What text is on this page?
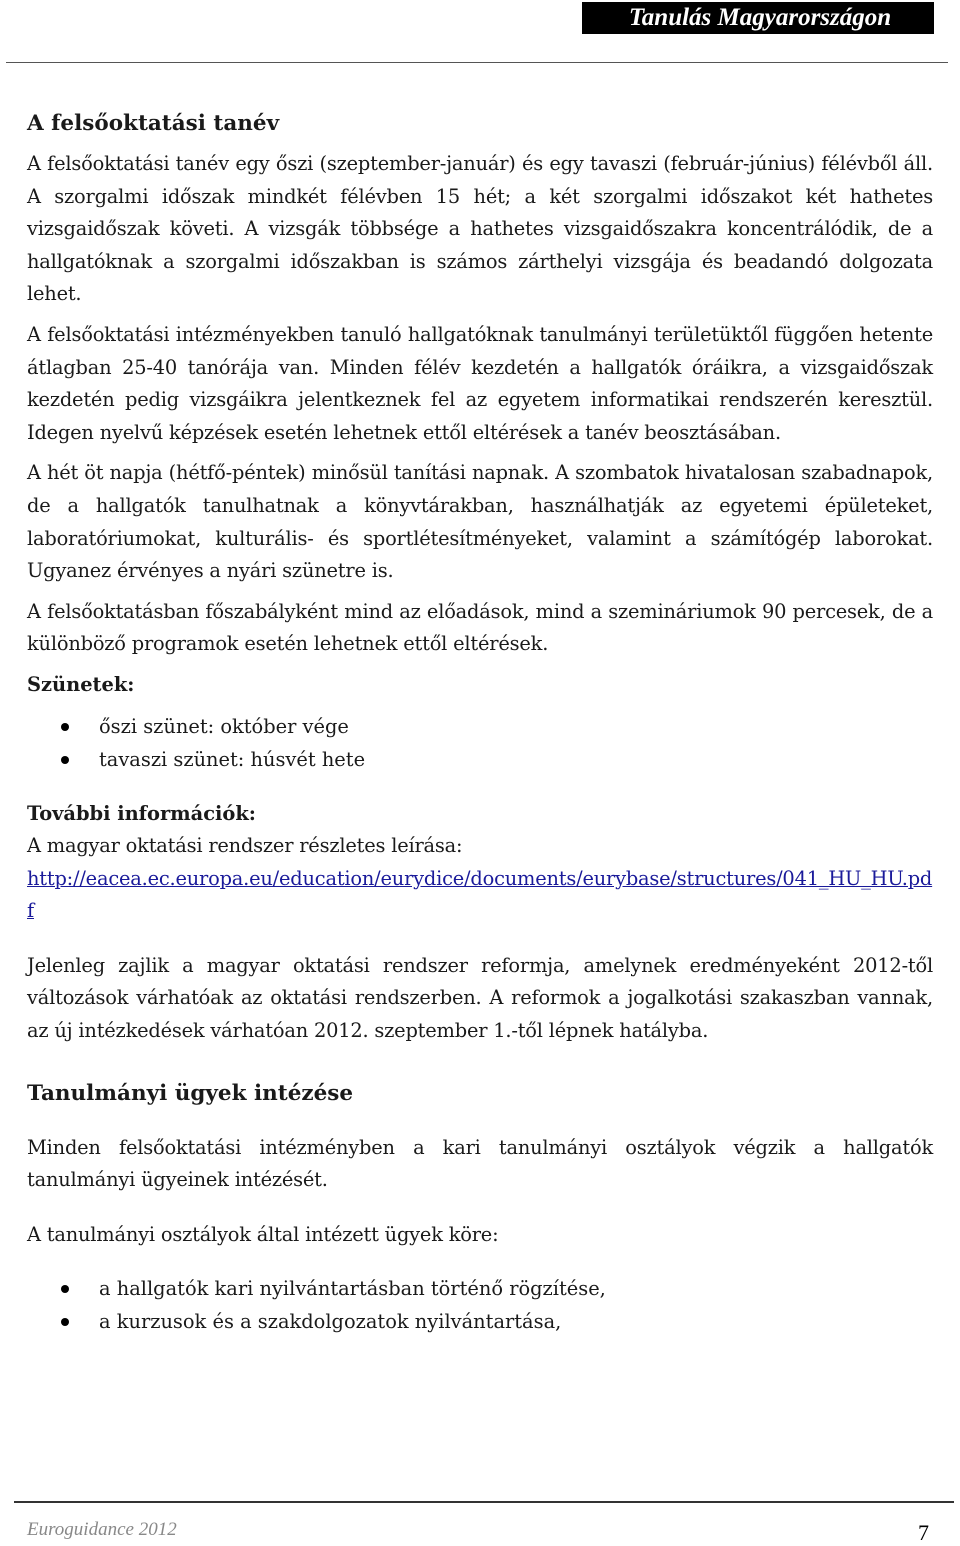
Tanulás Magyarországon
A felsőoktatási tanév

A felsőoktatási tanév egy őszi (szeptember-január) és egy tavaszi (február-június) félévből áll. A szorgalmi időszak mindkét félévben 15 hét; a két szorgalmi időszakot két hathetes vizsgaidőszak követi. A vizsgák többsége a hathetes vizsgaidőszakra koncentrálódik, de a hallgatóknak a szorgalmi időszakban is számos zárthelyi vizsgája és beadandó dolgozata lehet.

A felsőoktatási intézményekben tanuló hallgatóknak tanulmányi területüktől függően hetente átlagban 25-40 tanórája van. Minden félév kezdetén a hallgatók óráikra, a vizsgaidőszak kezdetén pedig vizsgáikra jelentkeznek fel az egyetem informatikai rendszerén keresztül. Idegen nyelvű képzések esetén lehetnek ettől eltérések a tanév beosztásában.

A hét öt napja (hétfő-péntek) minősül tanítási napnak. A szombatok hivatalosan szabadnapok, de a hallgatók tanulhatnak a könyvtárakban, használhatják az egyetemi épületeket, laboratóriumokat, kulturális- és sportlétesítményeket, valamint a számítógép laborokat. Ugyanez érvényes a nyári szünetre is.

A felsőoktatásban főszabályként mind az előadások, mind a szemináriumok 90 percesek, de a különböző programok esetén lehetnek ettől eltérések.

Szünetek:
őszi szünet: október vége
tavaszi szünet: húsvét hete
További információk:

A magyar oktatási rendszer részletes leírása:

http://eacea.ec.europa.eu/education/eurydice/documents/eurybase/structures/041_HU_HU.pdf

Jelenleg zajlik a magyar oktatási rendszer reformja, amelynek eredményeként 2012-től változások várhatóak az oktatási rendszerben. A reformok a jogalkotási szakaszban vannak, az új intézkedések várhatóan 2012. szeptember 1.-től lépnek hatályba.

Tanulmányi ügyek intézése

Minden felsőoktatási intézményben a kari tanulmányi osztályok végzik a hallgatók tanulmányi ügyeinek intézését.

A tanulmányi osztályok által intézett ügyek köre:

a hallgatók kari nyilvántartásban történő rögzítése,
a kurzusok és a szakdolgozatok nyilvántartása,
Euroguidance 2012	7
